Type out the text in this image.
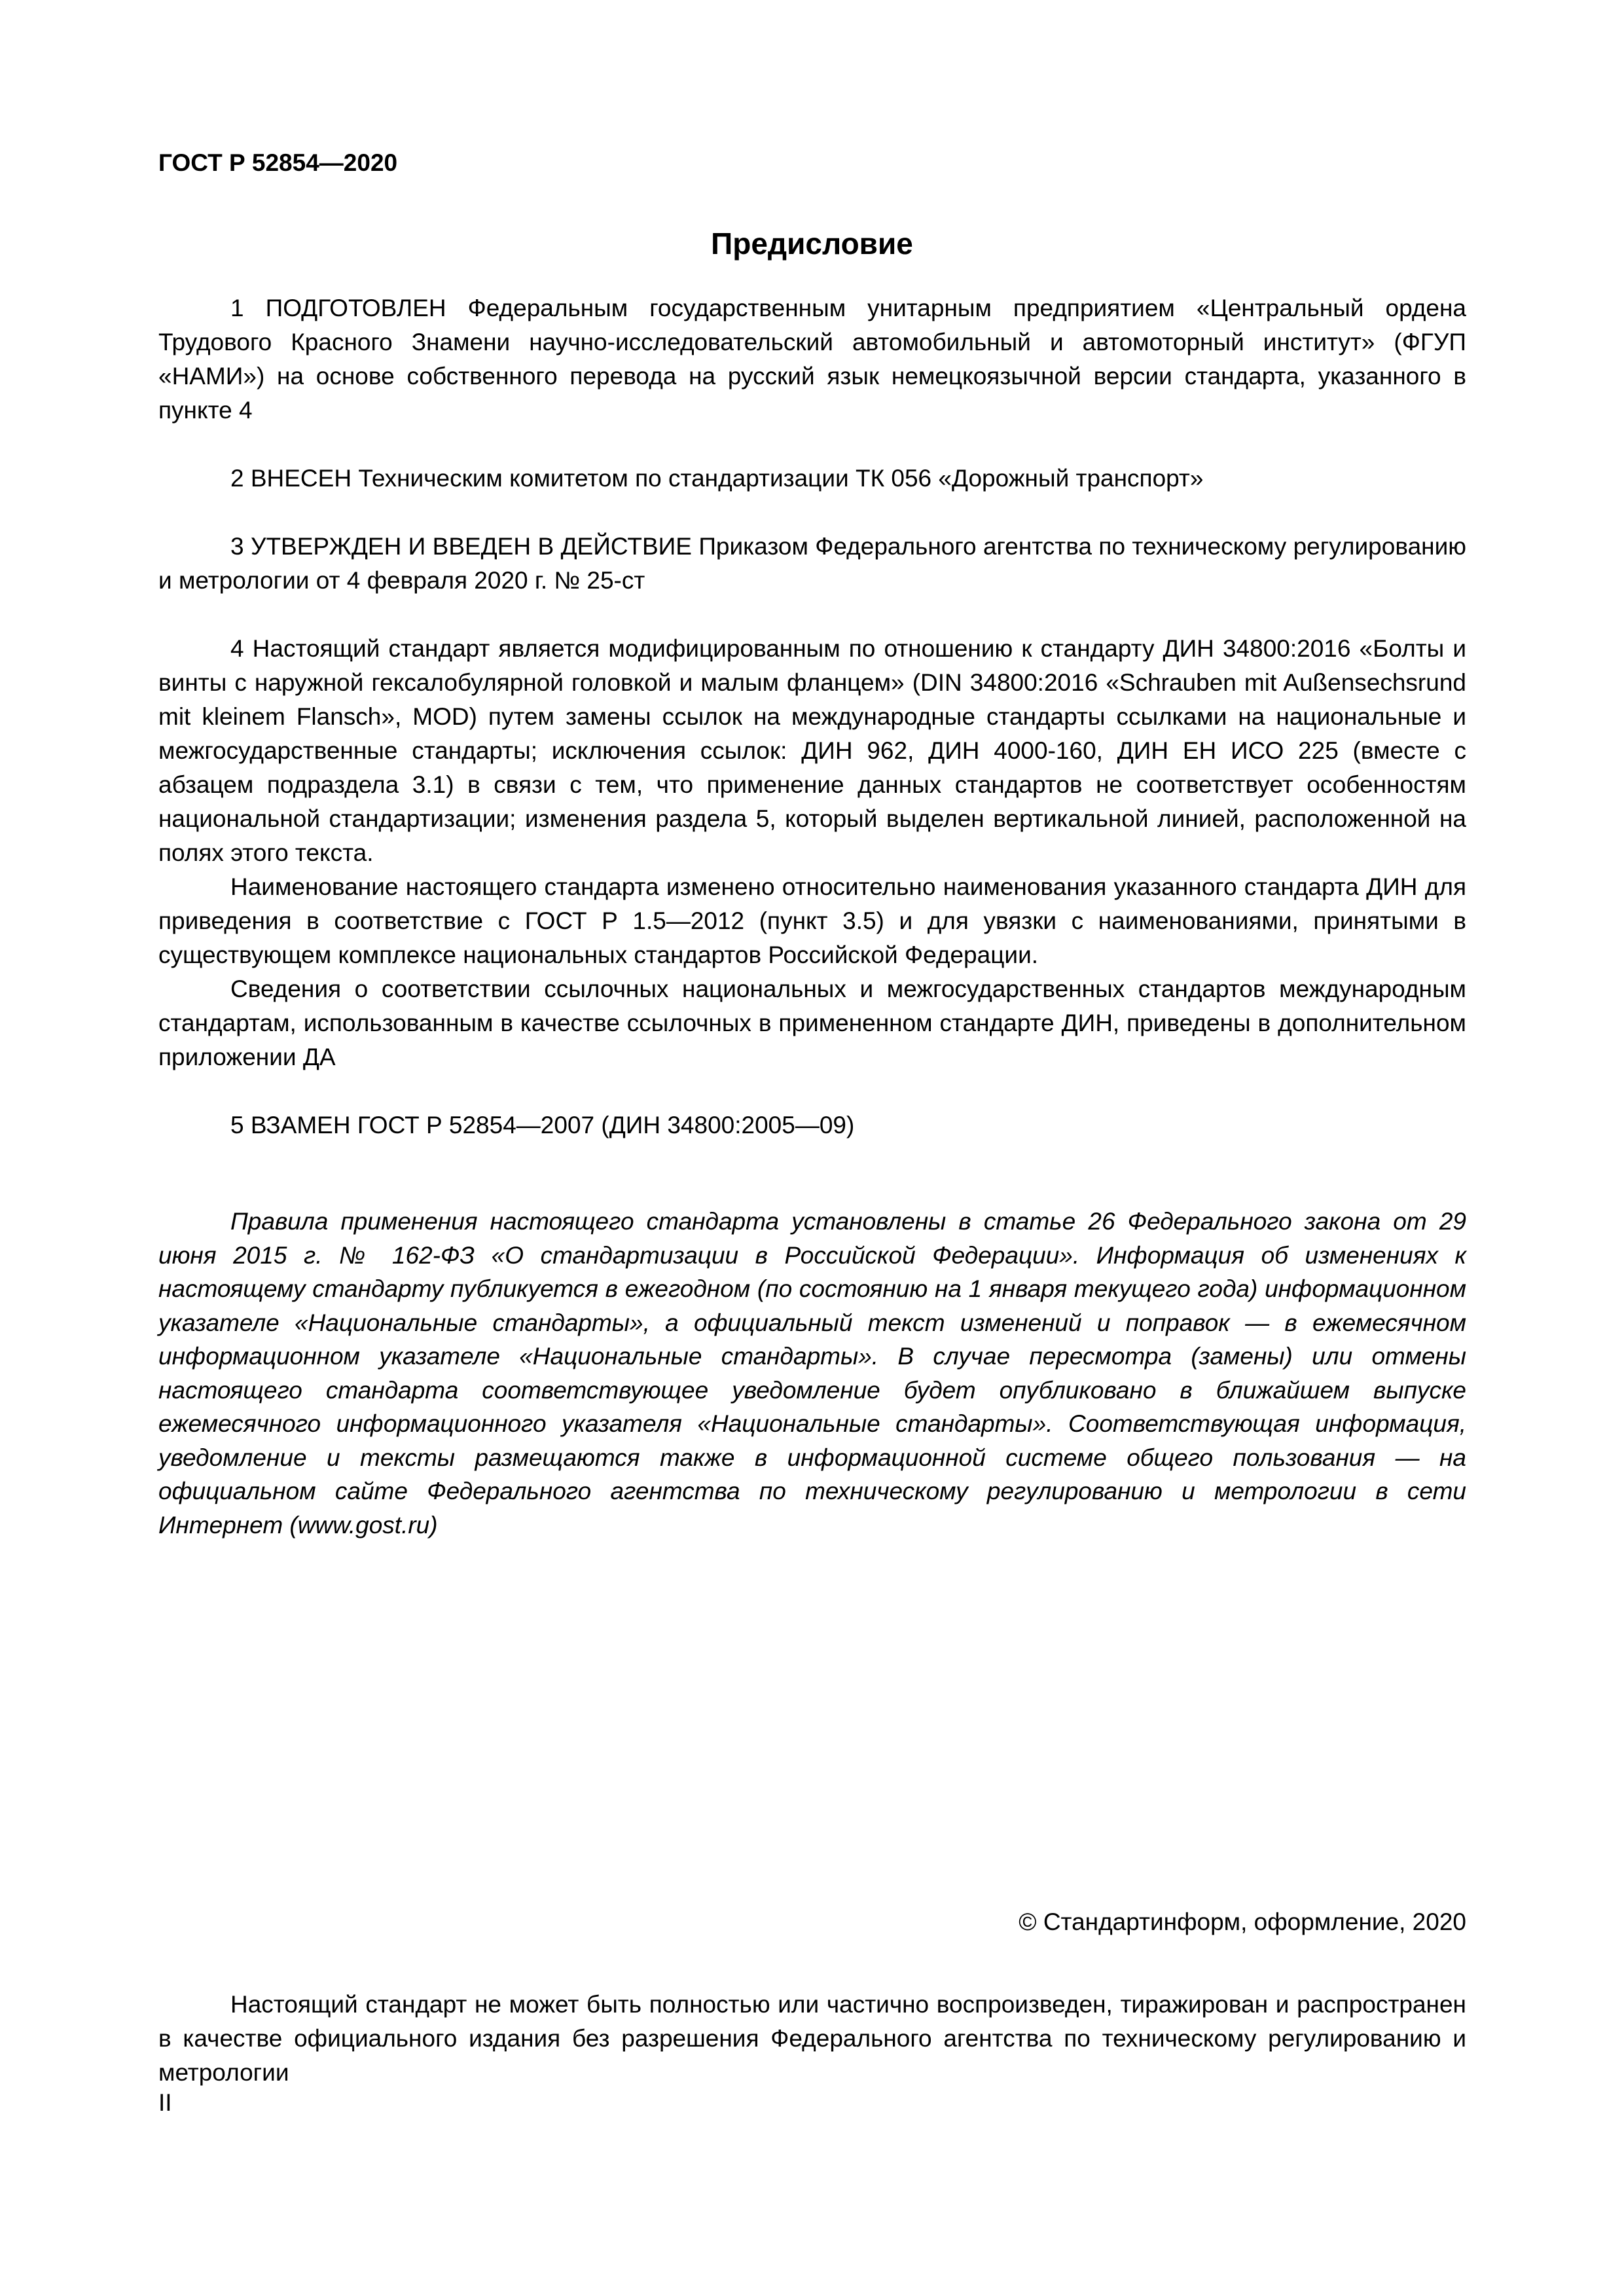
ГОСТ Р 52854—2020
Предисловие

1 ПОДГОТОВЛЕН Федеральным государственным унитарным предприятием «Центральный ордена Трудового Красного Знамени научно-исследовательский автомобильный и автомоторный институт» (ФГУП «НАМИ») на основе собственного перевода на русский язык немецкоязычной версии стандарта, указанного в пункте 4

2 ВНЕСЕН Техническим комитетом по стандартизации ТК 056 «Дорожный транспорт»

3 УТВЕРЖДЕН И ВВЕДЕН В ДЕЙСТВИЕ Приказом Федерального агентства по техническому регулированию и метрологии от 4 февраля 2020 г. № 25-ст

4 Настоящий стандарт является модифицированным по отношению к стандарту ДИН 34800:2016 «Болты и винты с наружной гексалобулярной головкой и малым фланцем» (DIN 34800:2016 «Schrauben mit Außensechsrund mit kleinem Flansch», MOD) путем замены ссылок на международные стандарты ссылками на национальные и межгосударственные стандарты; исключения ссылок: ДИН 962, ДИН 4000-160, ДИН ЕН ИСО 225 (вместе с абзацем подраздела 3.1) в связи с тем, что применение данных стандартов не соответствует особенностям национальной стандартизации; изменения раздела 5, который выделен вертикальной линией, расположенной на полях этого текста.

Наименование настоящего стандарта изменено относительно наименования указанного стандарта ДИН для приведения в соответствие с ГОСТ Р 1.5—2012 (пункт 3.5) и для увязки с наименованиями, принятыми в существующем комплексе национальных стандартов Российской Федерации.

Сведения о соответствии ссылочных национальных и межгосударственных стандартов международным стандартам, использованным в качестве ссылочных в примененном стандарте ДИН, приведены в дополнительном приложении ДА

5 ВЗАМЕН ГОСТ Р 52854—2007 (ДИН 34800:2005—09)

Правила применения настоящего стандарта установлены в статье 26 Федерального закона от 29 июня 2015 г. № 162-ФЗ «О стандартизации в Российской Федерации». Информация об изменениях к настоящему стандарту публикуется в ежегодном (по состоянию на 1 января текущего года) информационном указателе «Национальные стандарты», а официальный текст изменений и поправок — в ежемесячном информационном указателе «Национальные стандарты». В случае пересмотра (замены) или отмены настоящего стандарта соответствующее уведомление будет опубликовано в ближайшем выпуске ежемесячного информационного указателя «Национальные стандарты». Соответствующая информация, уведомление и тексты размещаются также в информационной системе общего пользования — на официальном сайте Федерального агентства по техническому регулированию и метрологии в сети Интернет (www.gost.ru)

© Стандартинформ, оформление, 2020

Настоящий стандарт не может быть полностью или частично воспроизведен, тиражирован и распространен в качестве официального издания без разрешения Федерального агентства по техническому регулированию и метрологии

II
